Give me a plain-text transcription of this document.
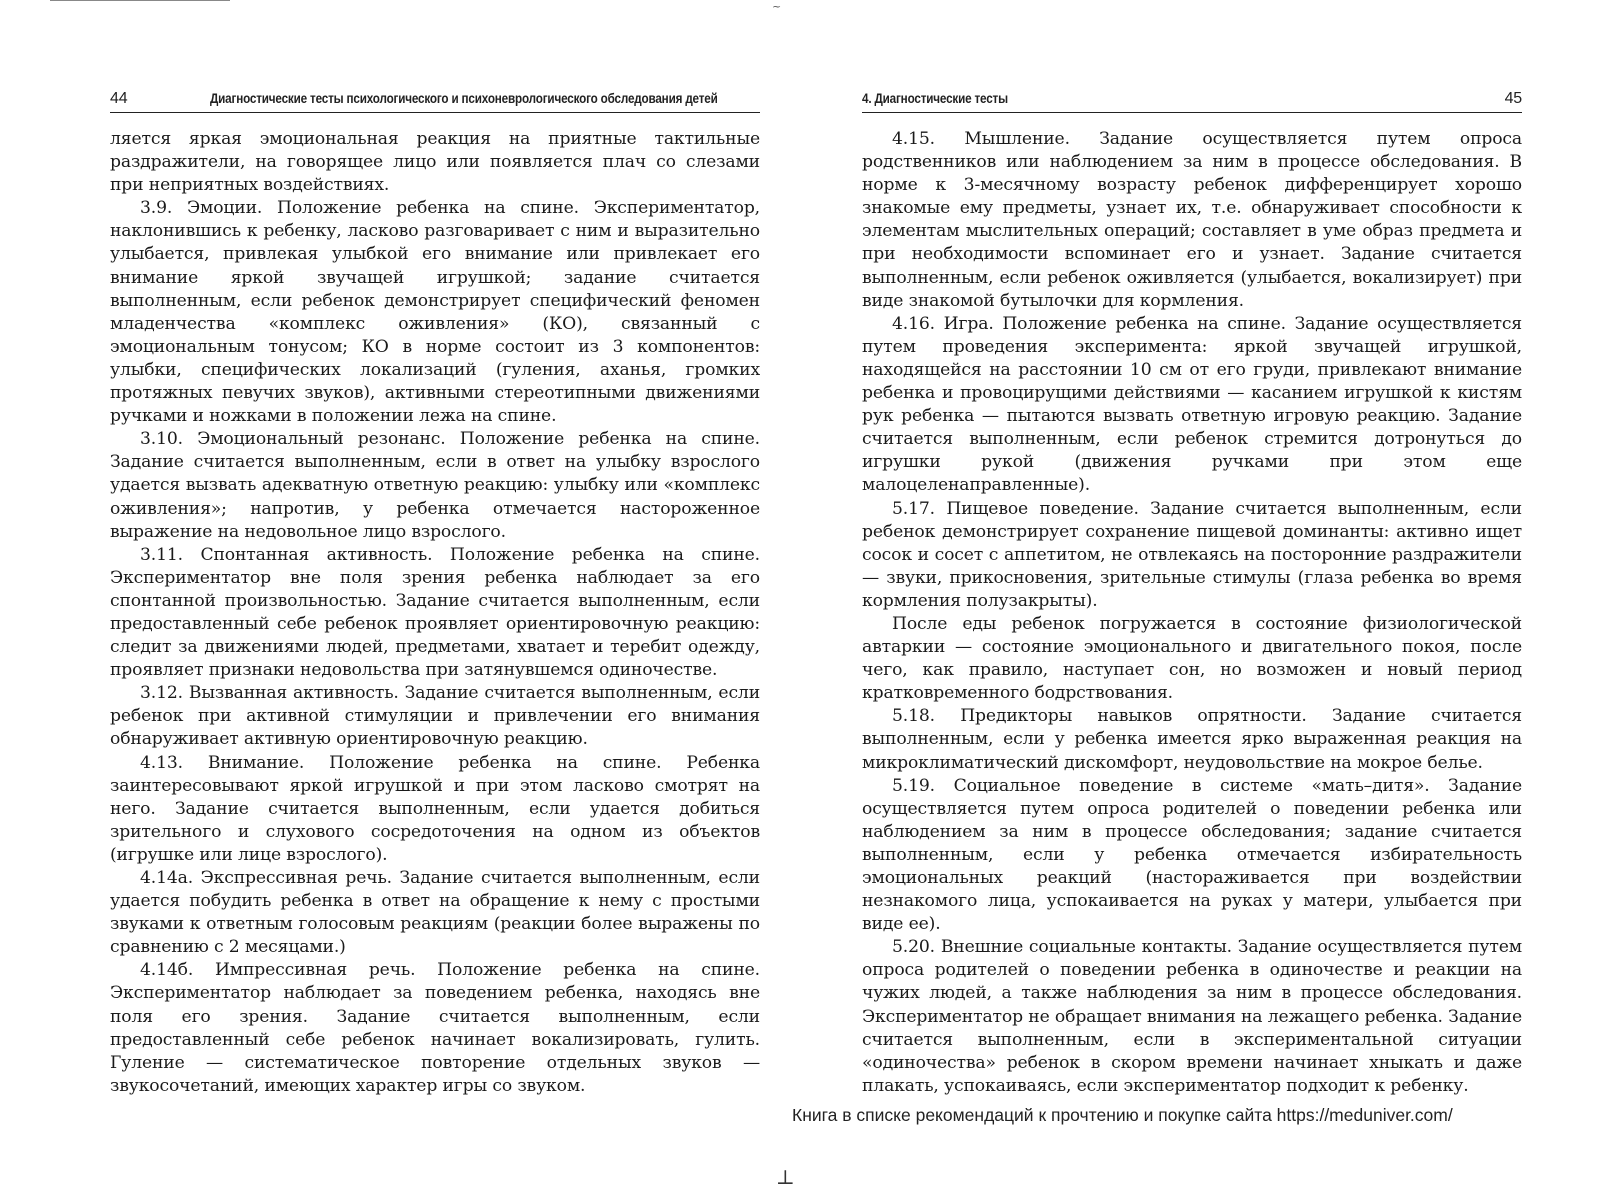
~
44	Диагностические тесты психологического и психоневрологического обследования детей

ляется яркая эмоциональная реакция на приятные тактильные раздражители, на говорящее лицо или появляется плач со слезами при неприятных воздействиях.

3.9. Эмоции. Положение ребенка на спине. Экспериментатор, наклонившись к ребенку, ласково разговаривает с ним и выразительно улыбается, привлекая улыбкой его внимание или привлекает его внимание яркой звучащей игрушкой; задание считается выполненным, если ребенок демонстрирует специфический феномен младенчества «комплекс оживления» (КО), связанный с эмоциональным тонусом; КО в норме состоит из 3 компонентов: улыбки, специфических локализаций (гуления, аханья, громких протяжных певучих звуков), активными стереотипными движениями ручками и ножками в положении лежа на спине.

3.10. Эмоциональный резонанс. Положение ребенка на спине. Задание считается выполненным, если в ответ на улыбку взрослого удается вызвать адекватную ответную реакцию: улыбку или «комплекс оживления»; напротив, у ребенка отмечается настороженное выражение на недовольное лицо взрослого.

3.11. Спонтанная активность. Положение ребенка на спине. Экспериментатор вне поля зрения ребенка наблюдает за его спонтанной произвольностью. Задание считается выполненным, если предоставленный себе ребенок проявляет ориентировочную реакцию: следит за движениями людей, предметами, хватает и теребит одежду, проявляет признаки недовольства при затянувшемся одиночестве.

3.12. Вызванная активность. Задание считается выполненным, если ребенок при активной стимуляции и привлечении его внимания обнаруживает активную ориентировочную реакцию.

4.13. Внимание. Положение ребенка на спине. Ребенка заинтересовывают яркой игрушкой и при этом ласково смотрят на него. Задание считается выполненным, если удается добиться зрительного и слухового сосредоточения на одном из объектов (игрушке или лице взрослого).

4.14а. Экспрессивная речь. Задание считается выполненным, если удается побудить ребенка в ответ на обращение к нему с простыми звуками к ответным голосовым реакциям (реакции более выражены по сравнению с 2 месяцами.)

4.14б. Импрессивная речь. Положение ребенка на спине. Экспериментатор наблюдает за поведением ребенка, находясь вне поля его зрения. Задание считается выполненным, если предоставленный себе ребенок начинает вокализировать, гулить. Гуление — систематическое повторение отдельных звуков — звукосочетаний, имеющих характер игры со звуком.

4. Диагностические тесты	45

4.15. Мышление. Задание осуществляется путем опроса родственников или наблюдением за ним в процессе обследования. В норме к 3-месячному возрасту ребенок дифференцирует хорошо знакомые ему предметы, узнает их, т.е. обнаруживает способности к элементам мыслительных операций; составляет в уме образ предмета и при необходимости вспоминает его и узнает. Задание считается выполненным, если ребенок оживляется (улыбается, вокализирует) при виде знакомой бутылочки для кормления.

4.16. Игра. Положение ребенка на спине. Задание осуществляется путем проведения эксперимента: яркой звучащей игрушкой, находящейся на расстоянии 10 см от его груди, привлекают внимание ребенка и провоцирущими действиями — касанием игрушкой к кистям рук ребенка — пытаются вызвать ответную игровую реакцию. Задание считается выполненным, если ребенок стремится дотронуться до игрушки рукой (движения ручками при этом еще малоцеленаправленные).

5.17. Пищевое поведение. Задание считается выполненным, если ребенок демонстрирует сохранение пищевой доминанты: активно ищет сосок и сосет с аппетитом, не отвлекаясь на посторонние раздражители — звуки, прикосновения, зрительные стимулы (глаза ребенка во время кормления полузакрыты).

После еды ребенок погружается в состояние физиологической автаркии — состояние эмоционального и двигательного покоя, после чего, как правило, наступает сон, но возможен и новый период кратковременного бодрствования.

5.18. Предикторы навыков опрятности. Задание считается выполненным, если у ребенка имеется ярко выраженная реакция на микроклиматический дискомфорт, неудовольствие на мокрое белье.

5.19. Социальное поведение в системе «мать–дитя». Задание осуществляется путем опроса родителей о поведении ребенка или наблюдением за ним в процессе обследования; задание считается выполненным, если у ребенка отмечается избирательность эмоциональных реакций (настораживается при воздействии незнакомого лица, успокаивается на руках у матери, улыбается при виде ее).

5.20. Внешние социальные контакты. Задание осуществляется путем опроса родителей о поведении ребенка в одиночестве и реакции на чужих людей, а также наблюдения за ним в процессе обследования. Экспериментатор не обращает внимания на лежащего ребенка. Задание считается выполненным, если в экспериментальной ситуации «одиночества» ребенок в скором времени начинает хныкать и даже плакать, успокаиваясь, если экспериментатор подходит к ребенку.

Книга в списке рекомендаций к прочтению и покупке сайта https://meduniver.com/
⊥
